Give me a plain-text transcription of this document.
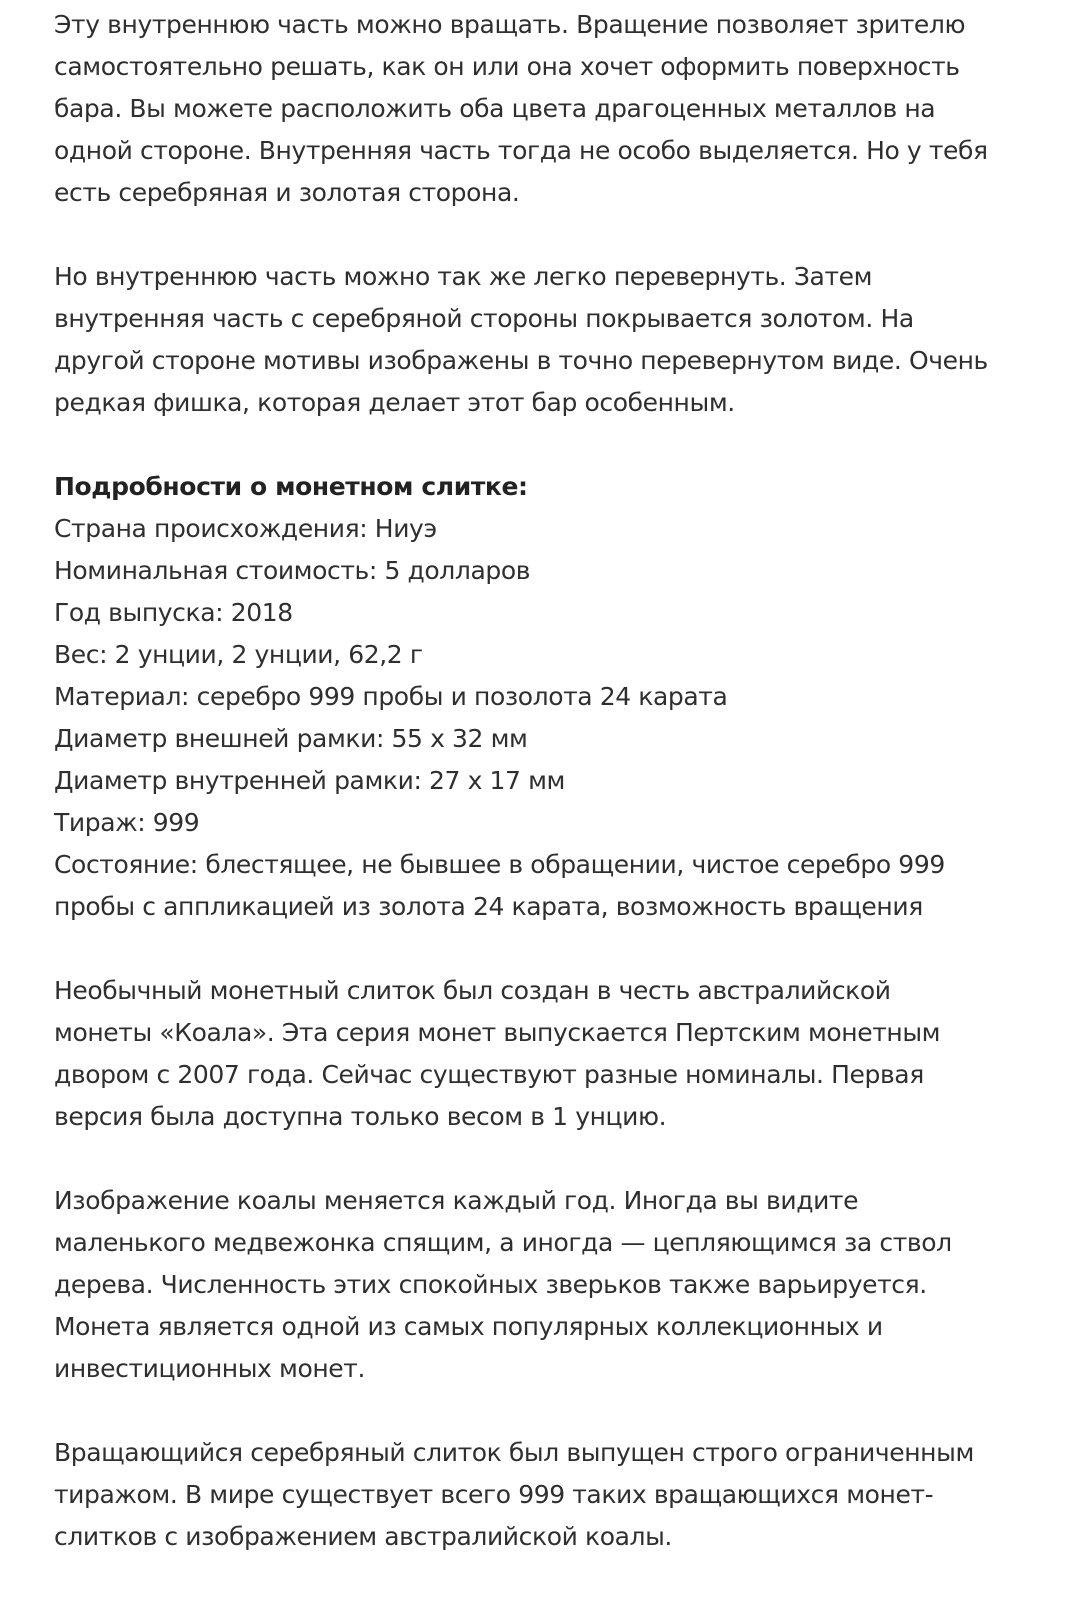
Эту внутреннюю часть можно вращать. Вращение позволяет зрителю
самостоятельно решать, как он или она хочет оформить поверхность
бара. Вы можете расположить оба цвета драгоценных металлов на
одной стороне. Внутренняя часть тогда не особо выделяется. Но у тебя
есть серебряная и золотая сторона.
Но внутреннюю часть можно так же легко перевернуть. Затем
внутренняя часть с серебряной стороны покрывается золотом. На
другой стороне мотивы изображены в точно перевернутом виде. Очень
редкая фишка, которая делает этот бар особенным.
Подробности о монетном слитке:
Страна происхождения: Ниуэ
Номинальная стоимость: 5 долларов
Год выпуска: 2018
Вес: 2 унции, 2 унции, 62,2 г
Материал: серебро 999 пробы и позолота 24 карата
Диаметр внешней рамки: 55 x 32 мм
Диаметр внутренней рамки: 27 x 17 мм
Тираж: 999
Состояние: блестящее, не бывшее в обращении, чистое серебро 999
пробы с аппликацией из золота 24 карата, возможность вращения
Необычный монетный слиток был создан в честь австралийской
монеты «Коала». Эта серия монет выпускается Пертским монетным
двором с 2007 года. Сейчас существуют разные номиналы. Первая
версия была доступна только весом в 1 унцию.
Изображение коалы меняется каждый год. Иногда вы видите
маленького медвежонка спящим, а иногда — цепляющимся за ствол
дерева. Численность этих спокойных зверьков также варьируется.
Монета является одной из самых популярных коллекционных и
инвестиционных монет.
Вращающийся серебряный слиток был выпущен строго ограниченным
тиражом. В мире существует всего 999 таких вращающихся монет-
слитков с изображением австралийской коалы.
